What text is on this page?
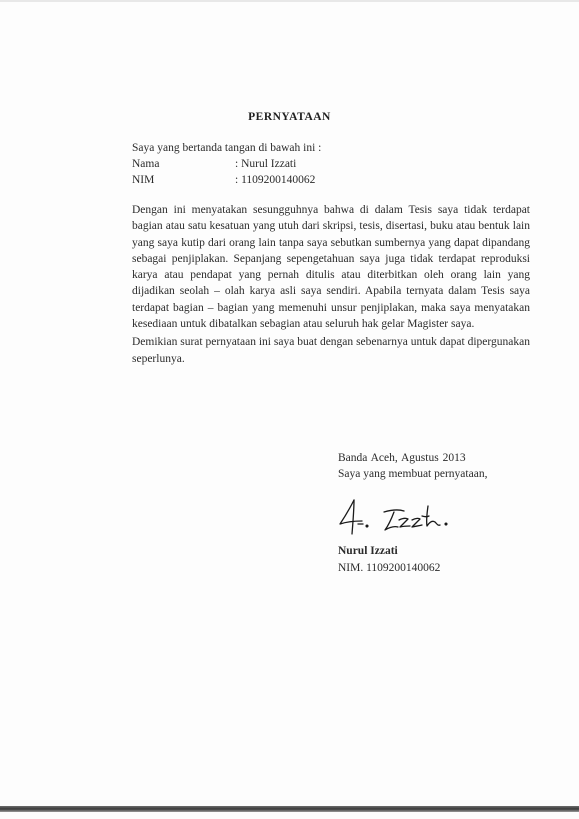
PERNYATAAN
Saya yang bertanda tangan di bawah ini :
Nama	: Nurul Izzati
NIM	: 1109200140062

Dengan ini menyatakan sesungguhnya bahwa di dalam Tesis saya tidak terdapat bagian atau satu kesatuan yang utuh dari skripsi, tesis, disertasi, buku atau bentuk lain yang saya kutip dari orang lain tanpa saya sebutkan sumbernya yang dapat dipandang sebagai penjiplakan. Sepanjang sepengetahuan saya juga tidak terdapat reproduksi karya atau pendapat yang pernah ditulis atau diterbitkan oleh orang lain yang dijadikan seolah – olah karya asli saya sendiri. Apabila ternyata dalam Tesis saya terdapat bagian – bagian yang memenuhi unsur penjiplakan, maka saya menyatakan kesediaan untuk dibatalkan sebagian atau seluruh hak gelar Magister saya.

Demikian surat pernyataan ini saya buat dengan sebenarnya untuk dapat dipergunakan seperlunya.

Banda Aceh, Agustus 2013
Saya yang membuat pernyataan,
Nurul Izzati
NIM. 1109200140062
